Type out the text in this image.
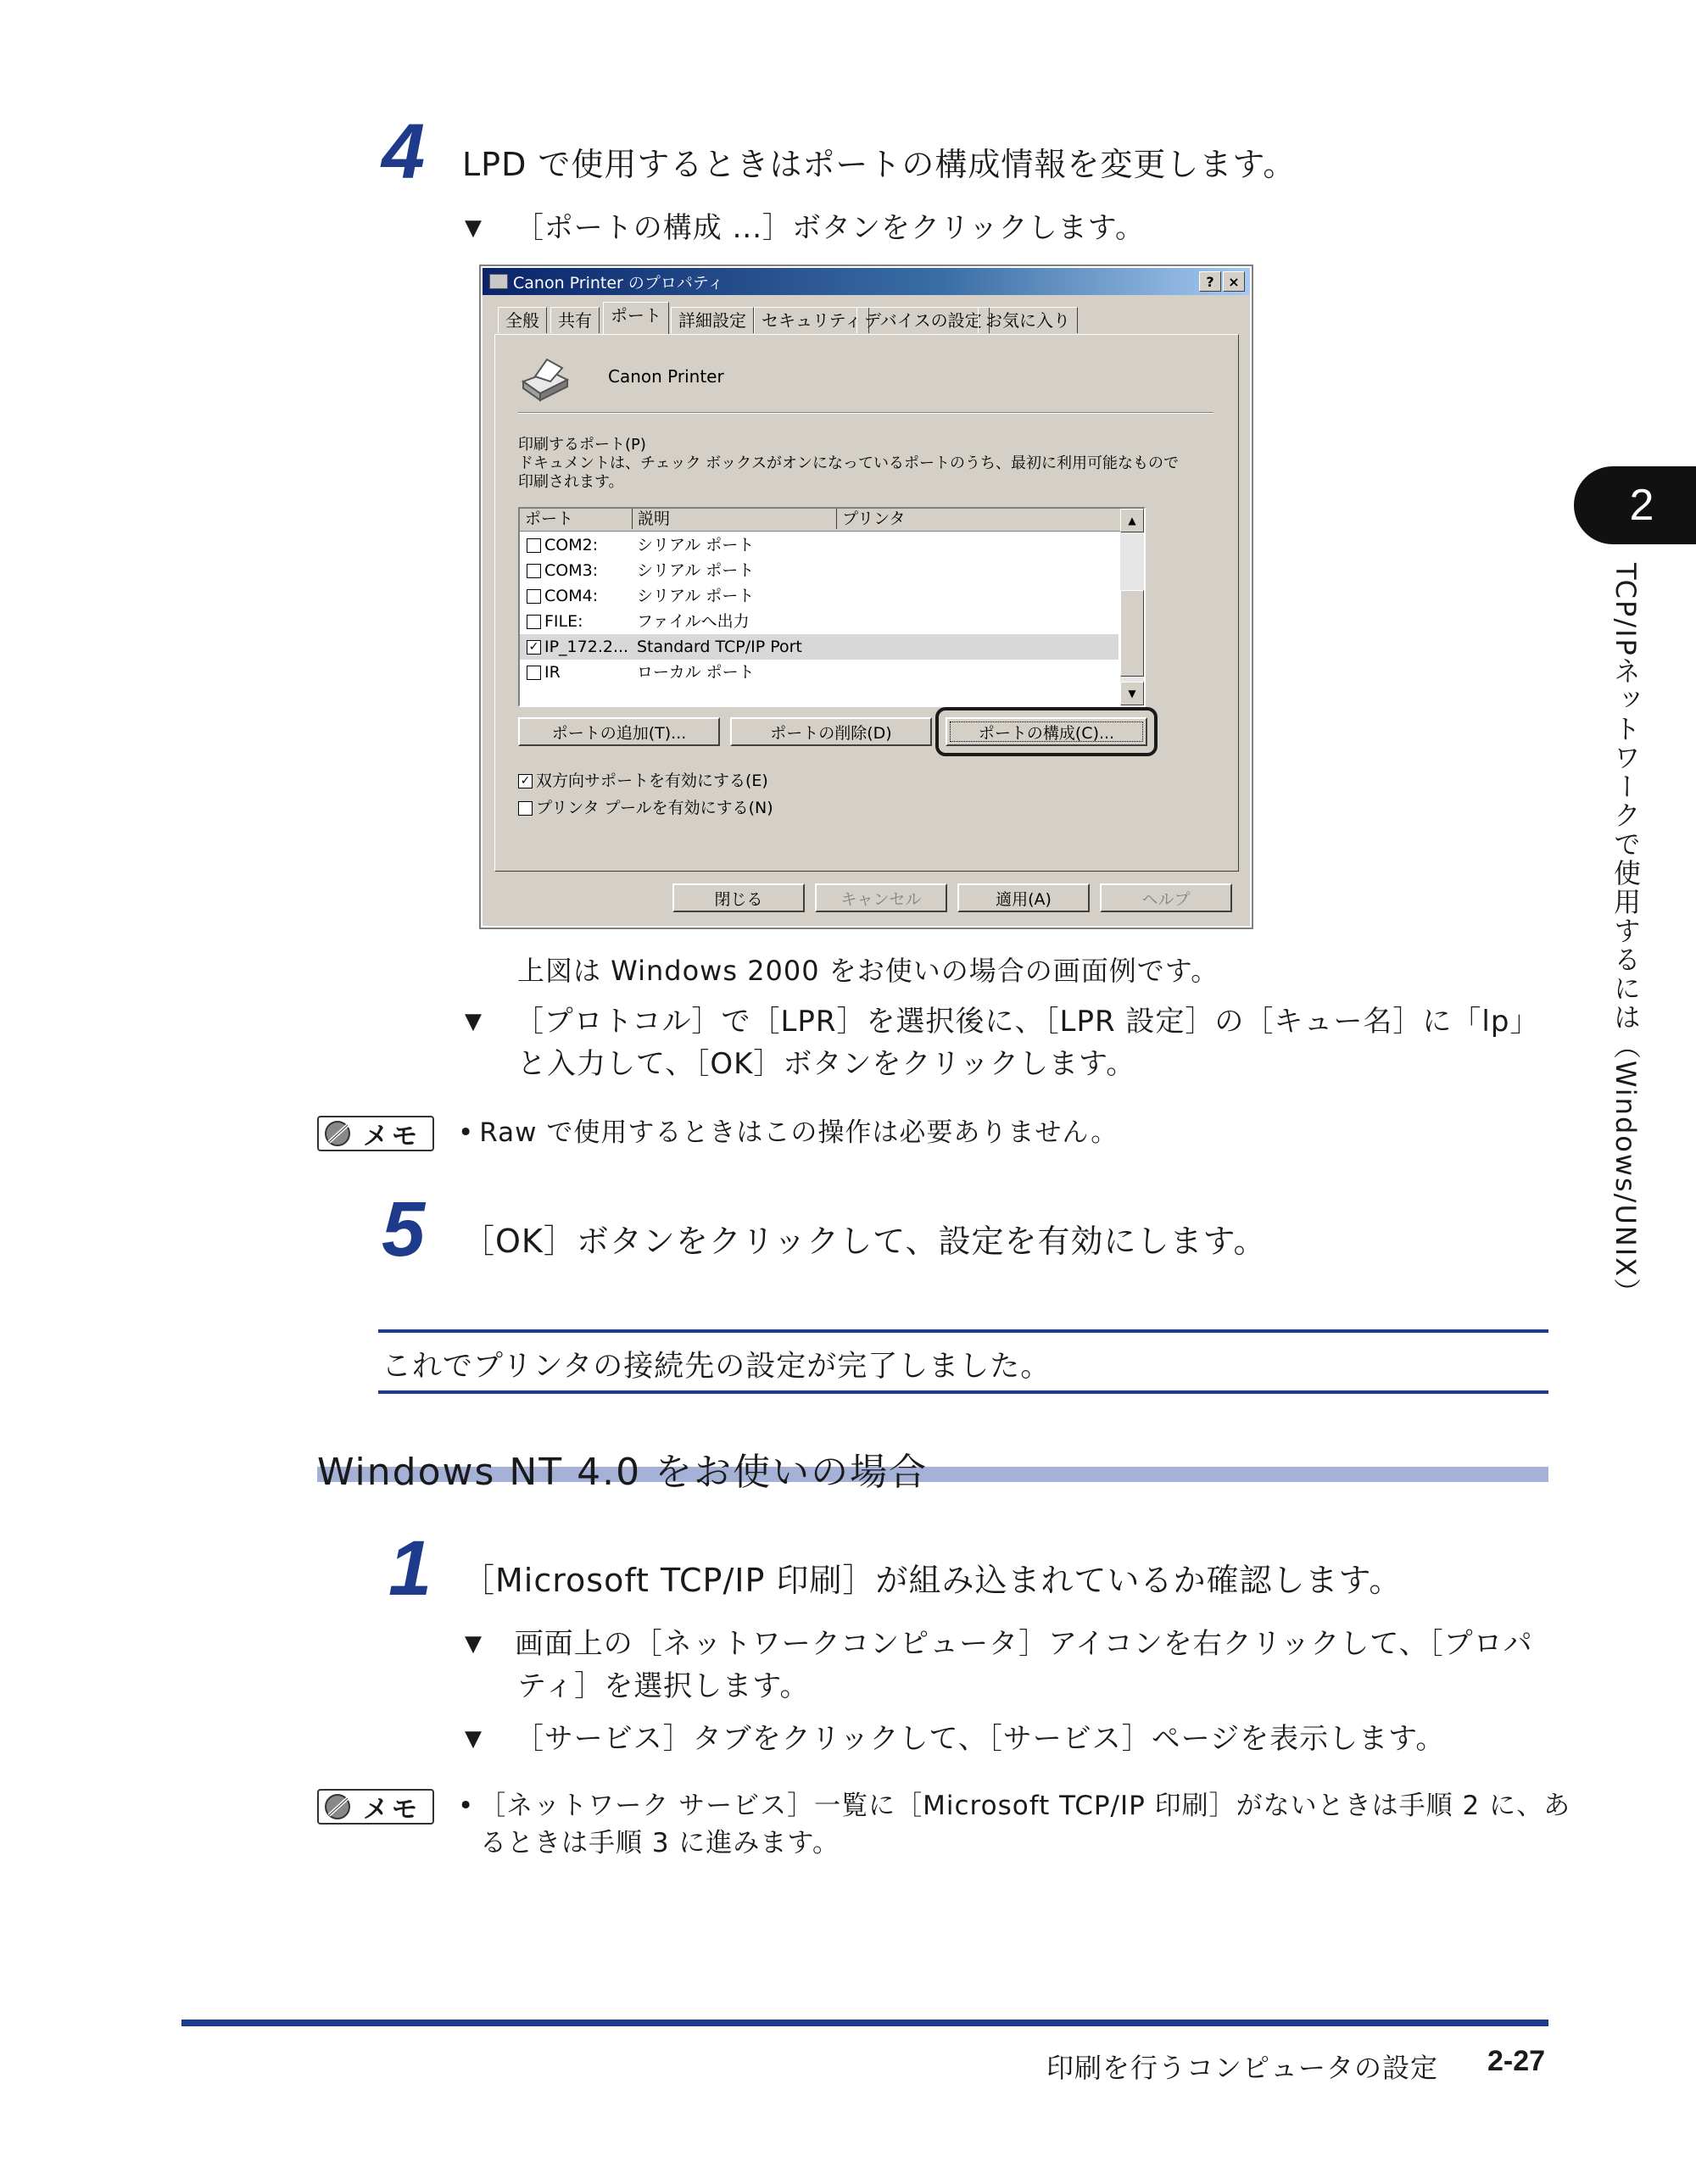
4 LPD で使用するときはポートの構成情報を変更します。
▼ ［ポートの構成 ...］ボタンをクリックします。
Canon Printer のプロパティ	?	×
全般	共有	ポート	詳細設定 セキュリティ デバイスの設定 お気に入り
Canon Printer
印刷するポート(P)
ドキュメントは、チェック ボックスがオンになっているポートのうち、最初に利用可能なもので
印刷されます。
ポート	説明	プリンタ
COM2: シリアル ポート
COM3: シリアル ポート
COM4: シリアル ポート
FILE:	ファイルへ出力
✓ IP_172.2... Standard TCP/IP Port
IR	ローカル ポート
▲
▼
ポートの追加(T)...	ポートの削除(D)	ポートの構成(C)...
✓ 双方向サポートを有効にする(E)
プリンタ プールを有効にする(N)
閉じる	キャンセル	適用(A)	ヘルプ
上図は Windows 2000 をお使いの場合の画面例です。
▼ ［プロトコル］で［LPR］を選択後に、［LPR 設定］の［キュー名］に「lp」
と入力して、［OK］ボタンをクリックします。
メモ • Raw で使用するときはこの操作は必要ありません。
5 ［OK］ボタンをクリックして、設定を有効にします。
これでプリンタの接続先の設定が完了しました。
Windows NT 4.0 をお使いの場合
1 ［Microsoft TCP/IP 印刷］が組み込まれているか確認します。
▼ 画面上の［ネットワークコンピュータ］アイコンを右クリックして、［プロパ
ティ］を選択します。
▼ ［サービス］タブをクリックして、［サービス］ページを表示します。
メモ • ［ネットワーク サービス］一覧に［Microsoft TCP/IP 印刷］がないときは手順 2 に、あ
るときは手順 3 に進みます。
2
TCP/IPネットワークで使用するには（Windows/UNIX）
印刷を行うコンピュータの設定 2-27
